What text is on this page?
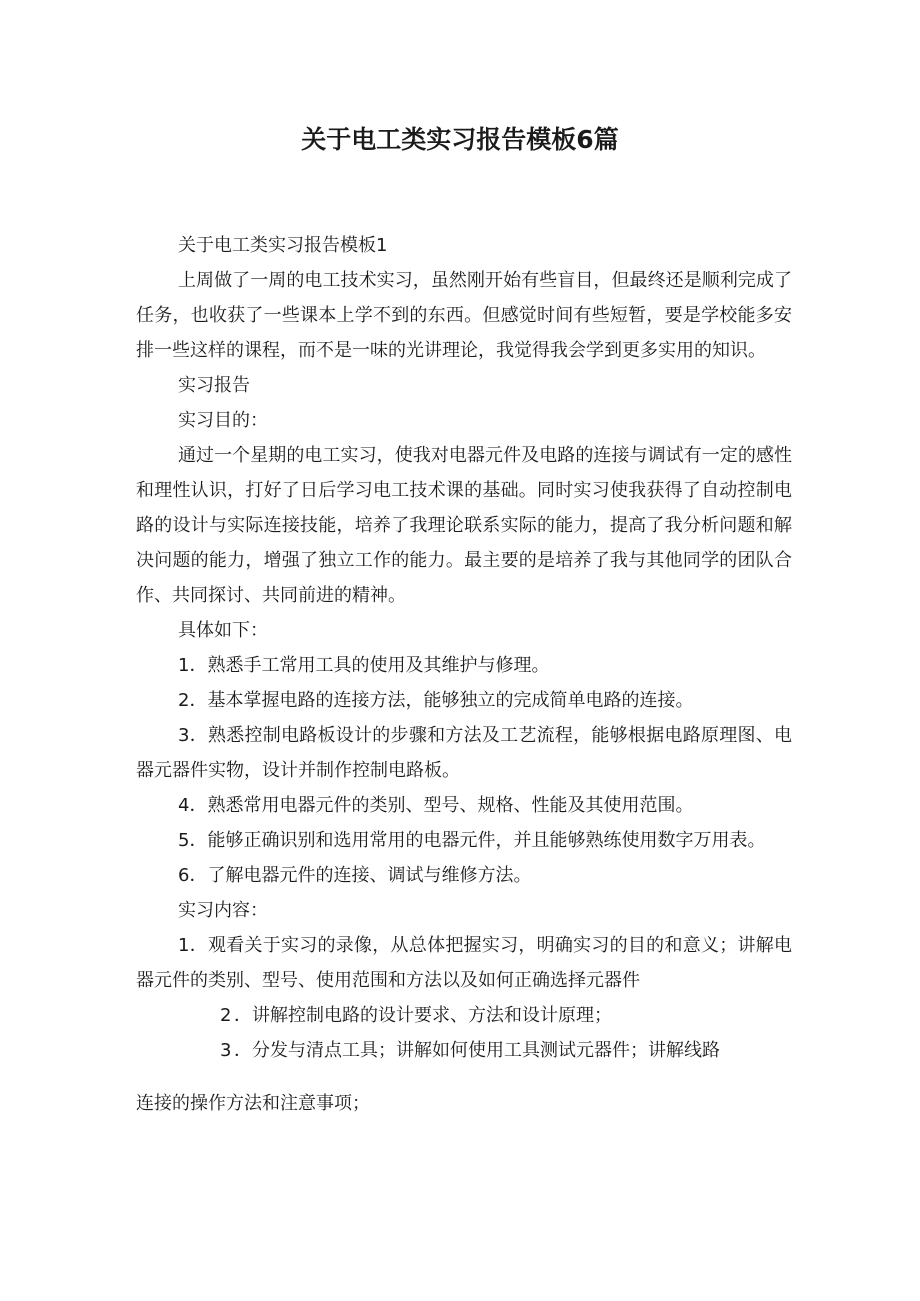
关于电工类实习报告模板6篇

关于电工类实习报告模板1

上周做了一周的电工技术实习，虽然刚开始有些盲目，但最终还是顺利完成了任务，也收获了一些课本上学不到的东西。但感觉时间有些短暂，要是学校能多安排一些这样的课程，而不是一味的光讲理论，我觉得我会学到更多实用的知识。

实习报告

实习目的：

通过一个星期的电工实习，使我对电器元件及电路的连接与调试有一定的感性和理性认识，打好了日后学习电工技术课的基础。同时实习使我获得了自动控制电路的设计与实际连接技能，培养了我理论联系实际的能力，提高了我分析问题和解决问题的能力，增强了独立工作的能力。最主要的是培养了我与其他同学的团队合作、共同探讨、共同前进的精神。

具体如下：

1．熟悉手工常用工具的使用及其维护与修理。

2．基本掌握电路的连接方法，能够独立的完成简单电路的连接。

3．熟悉控制电路板设计的步骤和方法及工艺流程，能够根据电路原理图、电器元器件实物，设计并制作控制电路板。

4．熟悉常用电器元件的类别、型号、规格、性能及其使用范围。

5．能够正确识别和选用常用的电器元件，并且能够熟练使用数字万用表。

6．了解电器元件的连接、调试与维修方法。

实习内容：

1．观看关于实习的录像，从总体把握实习，明确实习的目的和意义；讲解电器元件的类别、型号、使用范围和方法以及如何正确选择元器件

2 ．讲解控制电路的设计要求、方法和设计原理；

3 ．分发与清点工具；讲解如何使用工具测试元器件；讲解线路

连接的操作方法和注意事项；
